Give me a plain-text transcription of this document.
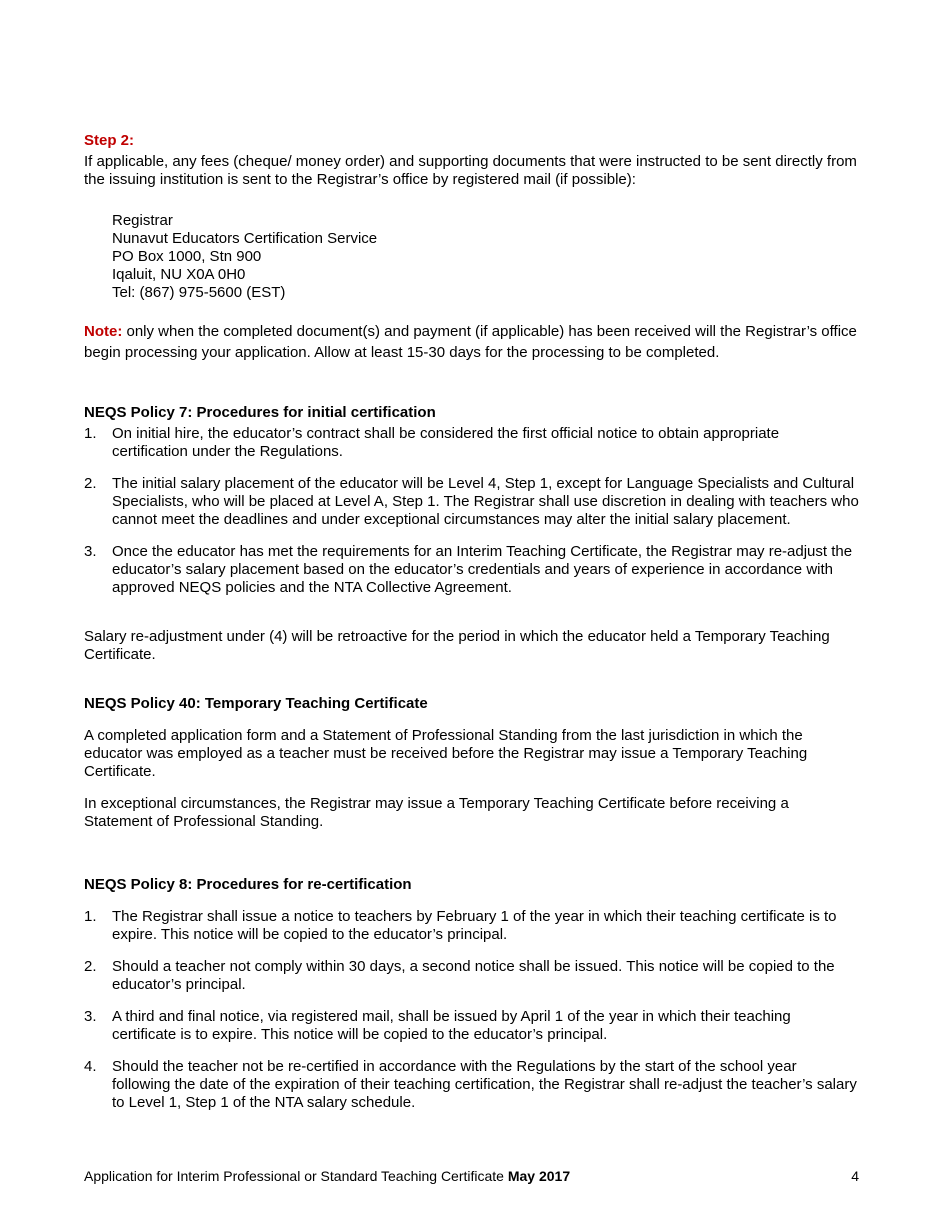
Step 2:

If applicable, any fees (cheque/ money order) and supporting documents that were instructed to be sent directly from the issuing institution is sent to the Registrar’s office by registered mail (if possible):

Registrar
Nunavut Educators Certification Service
PO Box 1000, Stn 900
Iqaluit, NU X0A 0H0
Tel: (867) 975-5600 (EST)

Note: only when the completed document(s) and payment (if applicable) has been received will the Registrar’s office begin processing your application. Allow at least 15-30 days for the processing to be completed.

NEQS Policy 7: Procedures for initial certification
1. On initial hire, the educator’s contract shall be considered the first official notice to obtain appropriate certification under the Regulations.
2. The initial salary placement of the educator will be Level 4, Step 1, except for Language Specialists and Cultural Specialists, who will be placed at Level A, Step 1. The Registrar shall use discretion in dealing with teachers who cannot meet the deadlines and under exceptional circumstances may alter the initial salary placement.
3. Once the educator has met the requirements for an Interim Teaching Certificate, the Registrar may re-adjust the educator’s salary placement based on the educator’s credentials and years of experience in accordance with approved NEQS policies and the NTA Collective Agreement.

Salary re-adjustment under (4) will be retroactive for the period in which the educator held a Temporary Teaching Certificate.

NEQS Policy 40: Temporary Teaching Certificate

A completed application form and a Statement of Professional Standing from the last jurisdiction in which the educator was employed as a teacher must be received before the Registrar may issue a Temporary Teaching Certificate.

In exceptional circumstances, the Registrar may issue a Temporary Teaching Certificate before receiving a Statement of Professional Standing.

NEQS Policy 8: Procedures for re-certification
1. The Registrar shall issue a notice to teachers by February 1 of the year in which their teaching certificate is to expire. This notice will be copied to the educator’s principal.
2. Should a teacher not comply within 30 days, a second notice shall be issued. This notice will be copied to the educator’s principal.
3. A third and final notice, via registered mail, shall be issued by April 1 of the year in which their teaching certificate is to expire. This notice will be copied to the educator’s principal.
4. Should the teacher not be re-certified in accordance with the Regulations by the start of the school year following the date of the expiration of their teaching certification, the Registrar shall re-adjust the teacher’s salary to Level 1, Step 1 of the NTA salary schedule.
Application for Interim Professional or Standard Teaching Certificate May 2017	4
